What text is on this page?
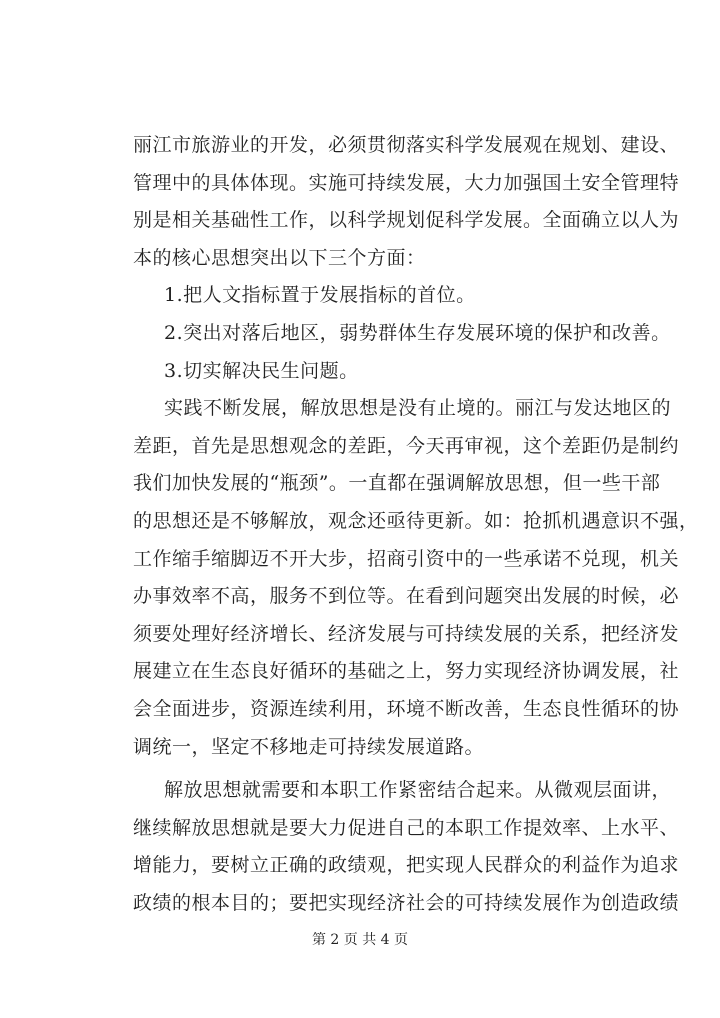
丽江市旅游业的开发，必须贯彻落实科学发展观在规划、建设、
管理中的具体体现。实施可持续发展，大力加强国土安全管理特
别是相关基础性工作，以科学规划促科学发展。全面确立以人为
本的核心思想突出以下三个方面：
1.把人文指标置于发展指标的首位。
2.突出对落后地区，弱势群体生存发展环境的保护和改善。
3.切实解决民生问题。
实践不断发展，解放思想是没有止境的。丽江与发达地区的
差距，首先是思想观念的差距，今天再审视，这个差距仍是制约
我们加快发展的“瓶颈”。一直都在强调解放思想，但一些干部
的思想还是不够解放，观念还亟待更新。如：抢抓机遇意识不强，
工作缩手缩脚迈不开大步，招商引资中的一些承诺不兑现，机关
办事效率不高，服务不到位等。在看到问题突出发展的时候，必
须要处理好经济增长、经济发展与可持续发展的关系，把经济发
展建立在生态良好循环的基础之上，努力实现经济协调发展，社
会全面进步，资源连续利用，环境不断改善，生态良性循环的协
调统一，坚定不移地走可持续发展道路。
解放思想就需要和本职工作紧密结合起来。从微观层面讲，
继续解放思想就是要大力促进自己的本职工作提效率、上水平、
增能力，要树立正确的政绩观，把实现人民群众的利益作为追求
政绩的根本目的；要把实现经济社会的可持续发展作为创造政绩
第 2 页 共 4 页
